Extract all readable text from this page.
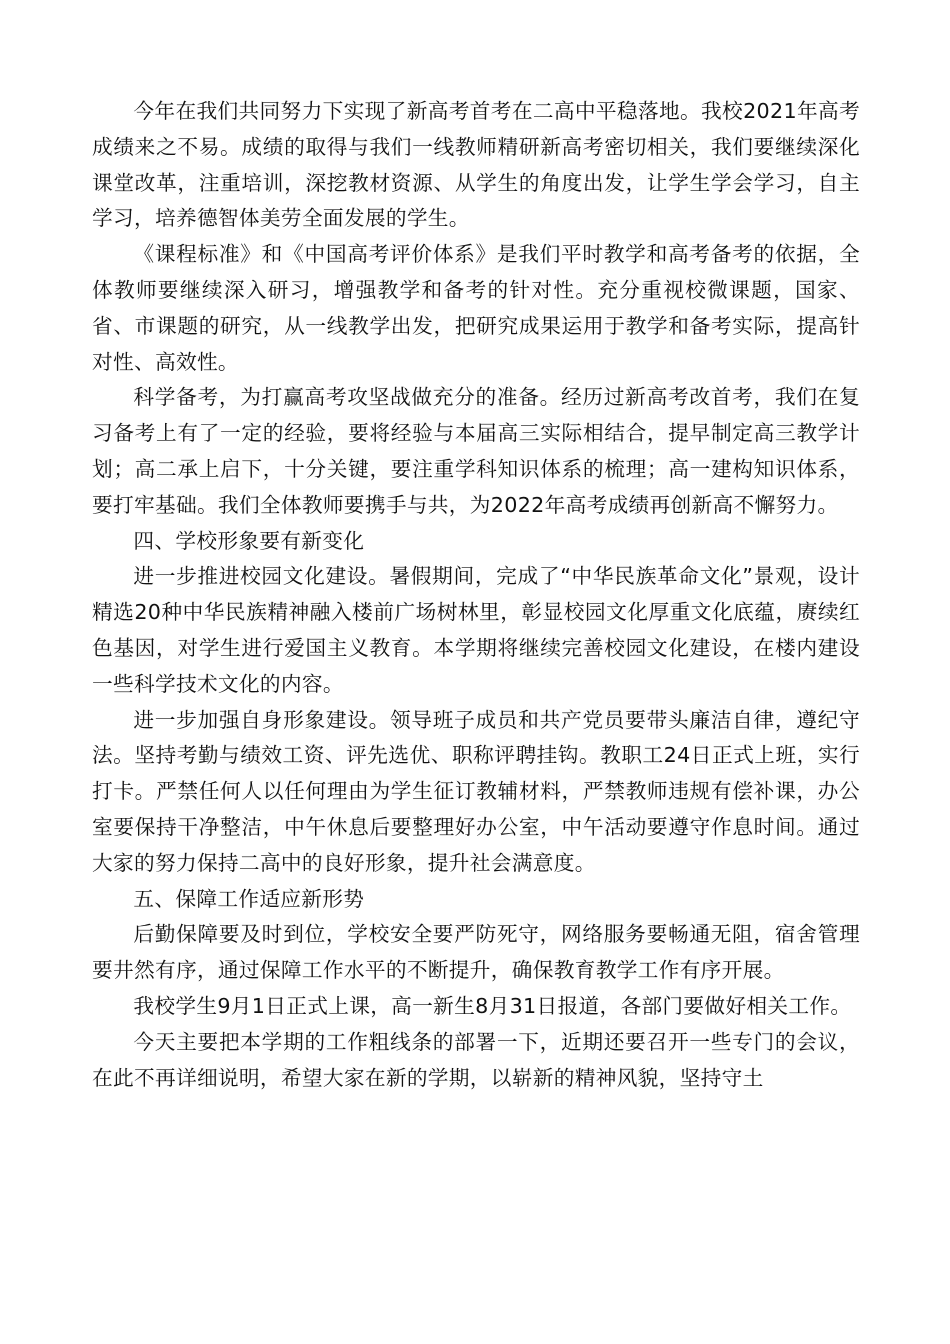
今年在我们共同努力下实现了新高考首考在二高中平稳落地。我校2021年高考成绩来之不易。成绩的取得与我们一线教师精研新高考密切相关，我们要继续深化课堂改革，注重培训，深挖教材资源、从学生的角度出发，让学生学会学习，自主学习，培养德智体美劳全面发展的学生。

《课程标准》和《中国高考评价体系》是我们平时教学和高考备考的依据，全体教师要继续深入研习，增强教学和备考的针对性。充分重视校微课题，国家、省、市课题的研究，从一线教学出发，把研究成果运用于教学和备考实际，提高针对性、高效性。

科学备考，为打赢高考攻坚战做充分的准备。经历过新高考改首考，我们在复习备考上有了一定的经验，要将经验与本届高三实际相结合，提早制定高三教学计划；高二承上启下，十分关键，要注重学科知识体系的梳理；高一建构知识体系，要打牢基础。我们全体教师要携手与共，为2022年高考成绩再创新高不懈努力。

四、学校形象要有新变化

进一步推进校园文化建设。暑假期间，完成了“中华民族革命文化”景观，设计精选20种中华民族精神融入楼前广场树林里，彰显校园文化厚重文化底蕴，赓续红色基因，对学生进行爱国主义教育。本学期将继续完善校园文化建设，在楼内建设一些科学技术文化的内容。

进一步加强自身形象建设。领导班子成员和共产党员要带头廉洁自律，遵纪守法。坚持考勤与绩效工资、评先选优、职称评聘挂钩。教职工24日正式上班，实行打卡。严禁任何人以任何理由为学生征订教辅材料，严禁教师违规有偿补课，办公室要保持干净整洁，中午休息后要整理好办公室，中午活动要遵守作息时间。通过大家的努力保持二高中的良好形象，提升社会满意度。

五、保障工作适应新形势

后勤保障要及时到位，学校安全要严防死守，网络服务要畅通无阻，宿舍管理要井然有序，通过保障工作水平的不断提升，确保教育教学工作有序开展。

我校学生9月1日正式上课，高一新生8月31日报道，各部门要做好相关工作。

今天主要把本学期的工作粗线条的部署一下，近期还要召开一些专门的会议，在此不再详细说明，希望大家在新的学期，以崭新的精神风貌，坚持守土
